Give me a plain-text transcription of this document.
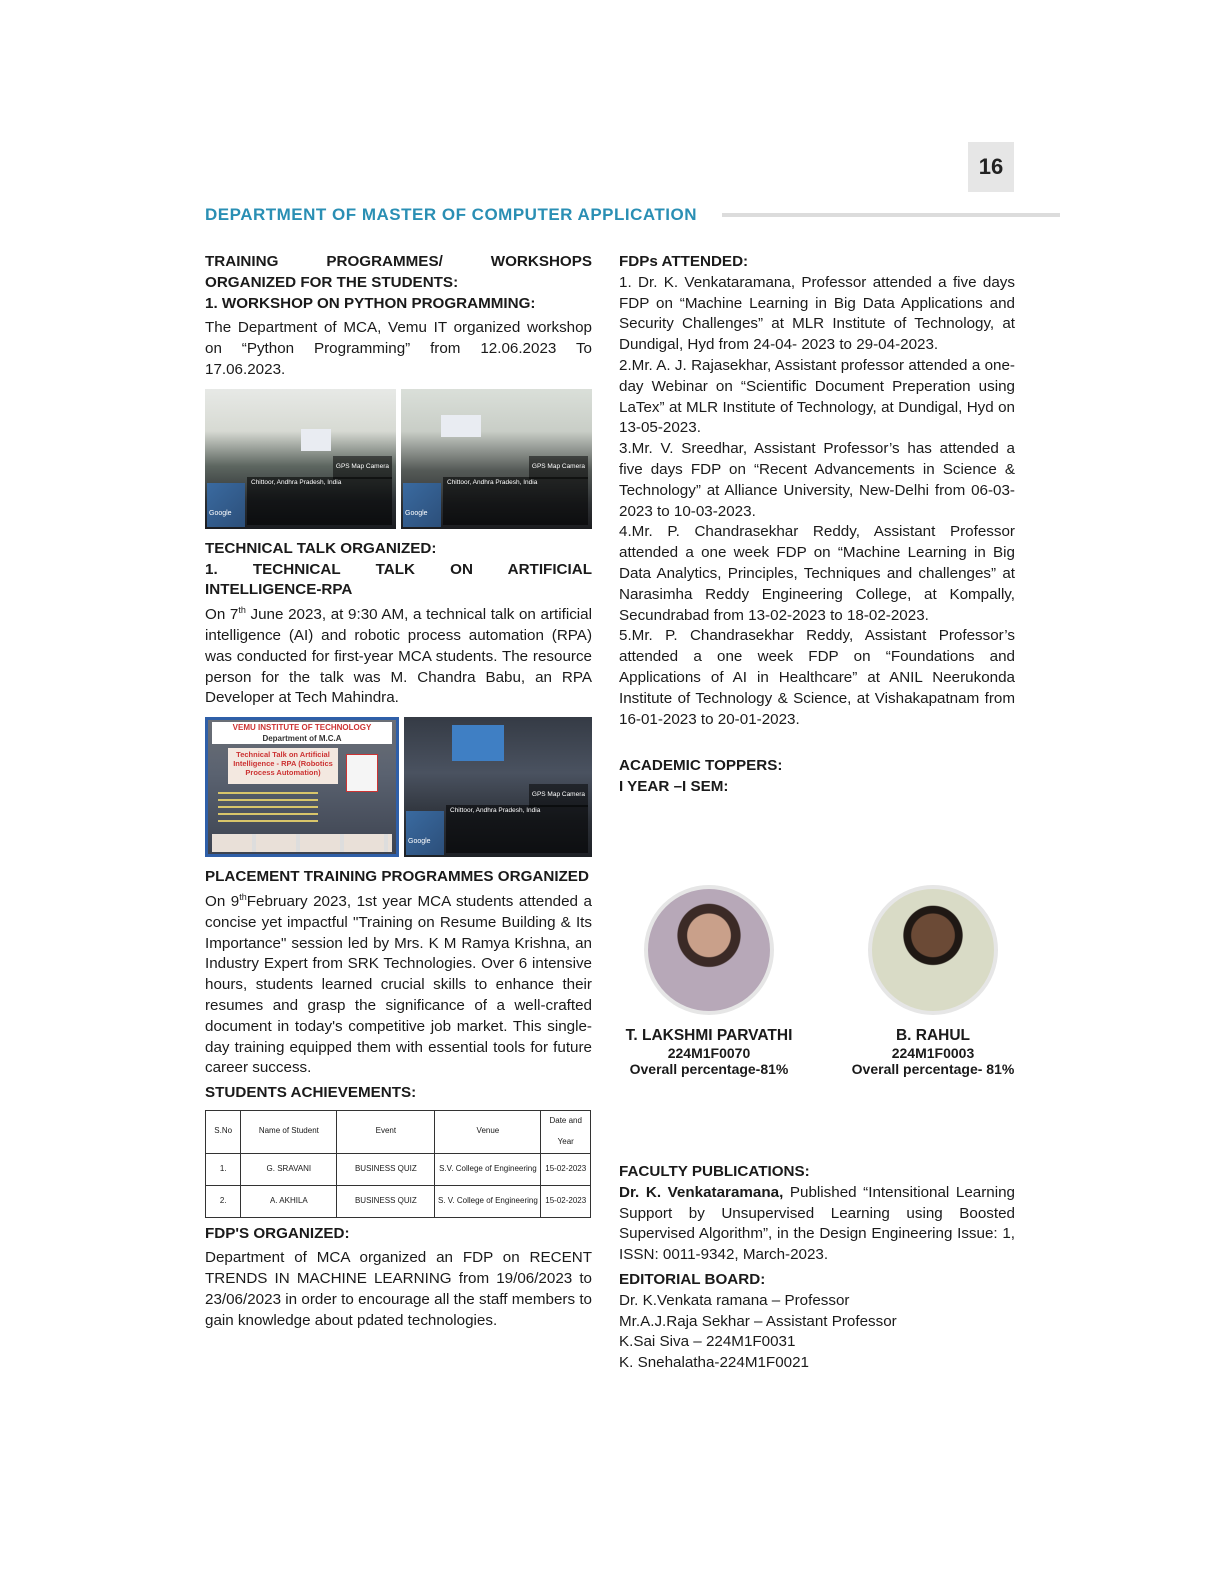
16
DEPARTMENT OF MASTER OF COMPUTER APPLICATION

TRAINING PROGRAMMES/ WORKSHOPS

ORGANIZED FOR THE STUDENTS:

1. WORKSHOP ON PYTHON PROGRAMMING:

The Department of MCA, Vemu IT organized workshop on “Python Programming” from 12.06.2023 To 17.06.2023.

GPS Map Camera
Chittoor, Andhra Pradesh, India
Google
GPS Map Camera
Chittoor, Andhra Pradesh, India
Google

TECHNICAL TALK ORGANIZED:

1. TECHNICAL TALK ON ARTIFICIAL

INTELLIGENCE-RPA

On 7th June 2023, at 9:30 AM, a technical talk on artificial intelligence (AI) and robotic process automation (RPA) was conducted for first-year MCA students. The resource person for the talk was M. Chandra Babu, an RPA Developer at Tech Mahindra.

VEMU INSTITUTE OF TECHNOLOGY
Department of M.C.A
Technical Talk on Artificial Intelligence - RPA (Robotics Process Automation)
GPS Map Camera
Chittoor, Andhra Pradesh, India
Google

PLACEMENT TRAINING PROGRAMMES ORGANIZED

On 9thFebruary 2023, 1st year MCA students attended a concise yet impactful "Training on Resume Building & Its Importance" session led by Mrs. K M Ramya Krishna, an Industry Expert from SRK Technologies. Over 6 intensive hours, students learned crucial skills to enhance their resumes and grasp the significance of a well-crafted document in today's competitive job market. This single-day training equipped them with essential tools for future career success.

STUDENTS ACHIEVEMENTS:

S.No	Name of Student	Event	Venue	Date and Year
1.	G. SRAVANI	BUSINESS QUIZ	S.V. College of Engineering	15-02-2023
2.	A. AKHILA	BUSINESS QUIZ	S. V. College of Engineering	15-02-2023

FDP'S ORGANIZED:

Department of MCA organized an FDP on RECENT TRENDS IN MACHINE LEARNING from 19/06/2023 to 23/06/2023 in order to encourage all the staff members to gain knowledge about pdated technologies.

FDPs ATTENDED:

1. Dr. K. Venkataramana, Professor attended a five days FDP on “Machine Learning in Big Data Applications and Security Challenges” at MLR Institute of Technology, at Dundigal, Hyd from 24-04- 2023 to 29-04-2023.

2.Mr. A. J. Rajasekhar, Assistant professor attended a one-day Webinar on “Scientific Document Preperation using LaTex” at MLR Institute of Technology, at Dundigal, Hyd on 13-05-2023.

3.Mr. V. Sreedhar, Assistant Professor’s has attended a five days FDP on “Recent Advancements in Science & Technology” at Alliance University, New-Delhi from 06-03- 2023 to 10-03-2023.

4.Mr. P. Chandrasekhar Reddy, Assistant Professor attended a one week FDP on “Machine Learning in Big Data Analytics, Principles, Techniques and challenges” at Narasimha Reddy Engineering College, at Kompally, Secundrabad from 13-02-2023 to 18-02-2023.

5.Mr. P. Chandrasekhar Reddy, Assistant Professor’s attended a one week FDP on “Foundations and Applications of AI in Healthcare” at ANIL Neerukonda Institute of Technology & Science, at Vishakapatnam from 16-01-2023 to 20-01-2023.

ACADEMIC TOPPERS:

I YEAR –I SEM:

T. LAKSHMI PARVATHI
224M1F0070
Overall percentage-81%
B. RAHUL
224M1F0003
Overall percentage- 81%

FACULTY PUBLICATIONS:

Dr. K. Venkataramana, Published “Intensitional Learning Support by Unsupervised Learning using Boosted Supervised Algorithm”, in the Design Engineering Issue: 1, ISSN: 0011-9342, March-2023.

EDITORIAL BOARD:

Dr. K.Venkata ramana – Professor

Mr.A.J.Raja Sekhar – Assistant Professor

K.Sai Siva – 224M1F0031

K. Snehalatha-224M1F0021
